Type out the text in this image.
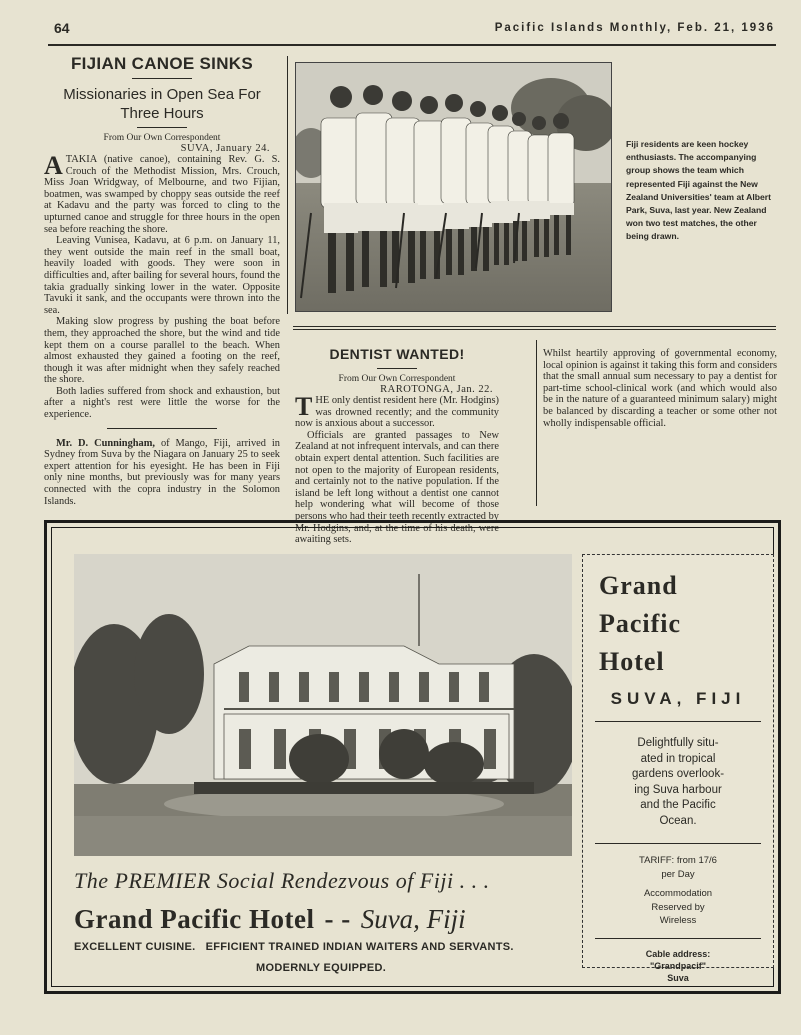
64	Pacific Islands Monthly, Feb. 21, 1936
FIJIAN CANOE SINKS
Missionaries in Open Sea For Three Hours
From Our Own Correspondent
SUVA, January 24.

ATAKIA (native canoe), containing Rev. G. S. Crouch of the Methodist Mission, Mrs. Crouch, Miss Joan Wridgway, of Melbourne, and two Fijian, boatmen, was swamped by choppy seas outside the reef at Kadavu and the party was forced to cling to the upturned canoe and struggle for three hours in the open sea before reaching the shore.

Leaving Vunisea, Kadavu, at 6 p.m. on January 11, they went outside the main reef in the small boat, heavily loaded with goods. They were soon in difficulties and, after bailing for several hours, found the takia gradually sinking lower in the water. Opposite Tavuki it sank, and the occupants were thrown into the sea.

Making slow progress by pushing the boat before them, they approached the shore, but the wind and tide kept them on a course parallel to the beach. When almost exhausted they gained a footing on the reef, though it was after midnight when they safely reached the shore.

Both ladies suffered from shock and exhaustion, but after a night's rest were little the worse for the experience.

Mr. D. Cunningham, of Mango, Fiji, arrived in Sydney from Suva by the Niagara on January 25 to seek expert attention for his eyesight. He has been in Fiji only nine months, but previously was for many years connected with the copra industry in the Solomon Islands.

Fiji residents are keen hockey enthusiasts. The accompanying group shows the team which represented Fiji against the New Zealand Universities' team at Albert Park, Suva, last year. New Zealand won two test matches, the other being drawn.
DENTIST WANTED!
From Our Own Correspondent
RAROTONGA, Jan. 22.

THE only dentist resident here (Mr. Hodgins) was drowned recently; and the community now is anxious about a successor.

Officials are granted passages to New Zealand at not infrequent intervals, and can there obtain expert dental attention. Such facilities are not open to the majority of European residents, and certainly not to the native population. If the island be left long without a dentist one cannot help wondering what will become of those persons who had their teeth recently extracted by Mr. Hodgins, and, at the time of his death, were awaiting sets.

Whilst heartily approving of governmental economy, local opinion is against it taking this form and considers that the small annual sum necessary to pay a dentist for part-time school-clinical work (and which would also be in the nature of a guaranteed minimum salary) might be balanced by discarding a teacher or some other not wholly indispensable official.

Grand
Pacific
Hotel
SUVA, FIJI
Delightfully situ-
ated in tropical
gardens overlook-
ing Suva harbour
and the Pacific
Ocean.
TARIFF: from 17/6
per Day
Accommodation
Reserved by
Wireless
Cable address:
"Grandpacif"
Suva
The PREMIER Social Rendezvous of Fiji . . .
Grand Pacific Hotel - - Suva, Fiji
EXCELLENT CUISINE.   EFFICIENT TRAINED INDIAN WAITERS AND SERVANTS.
MODERNLY EQUIPPED.
